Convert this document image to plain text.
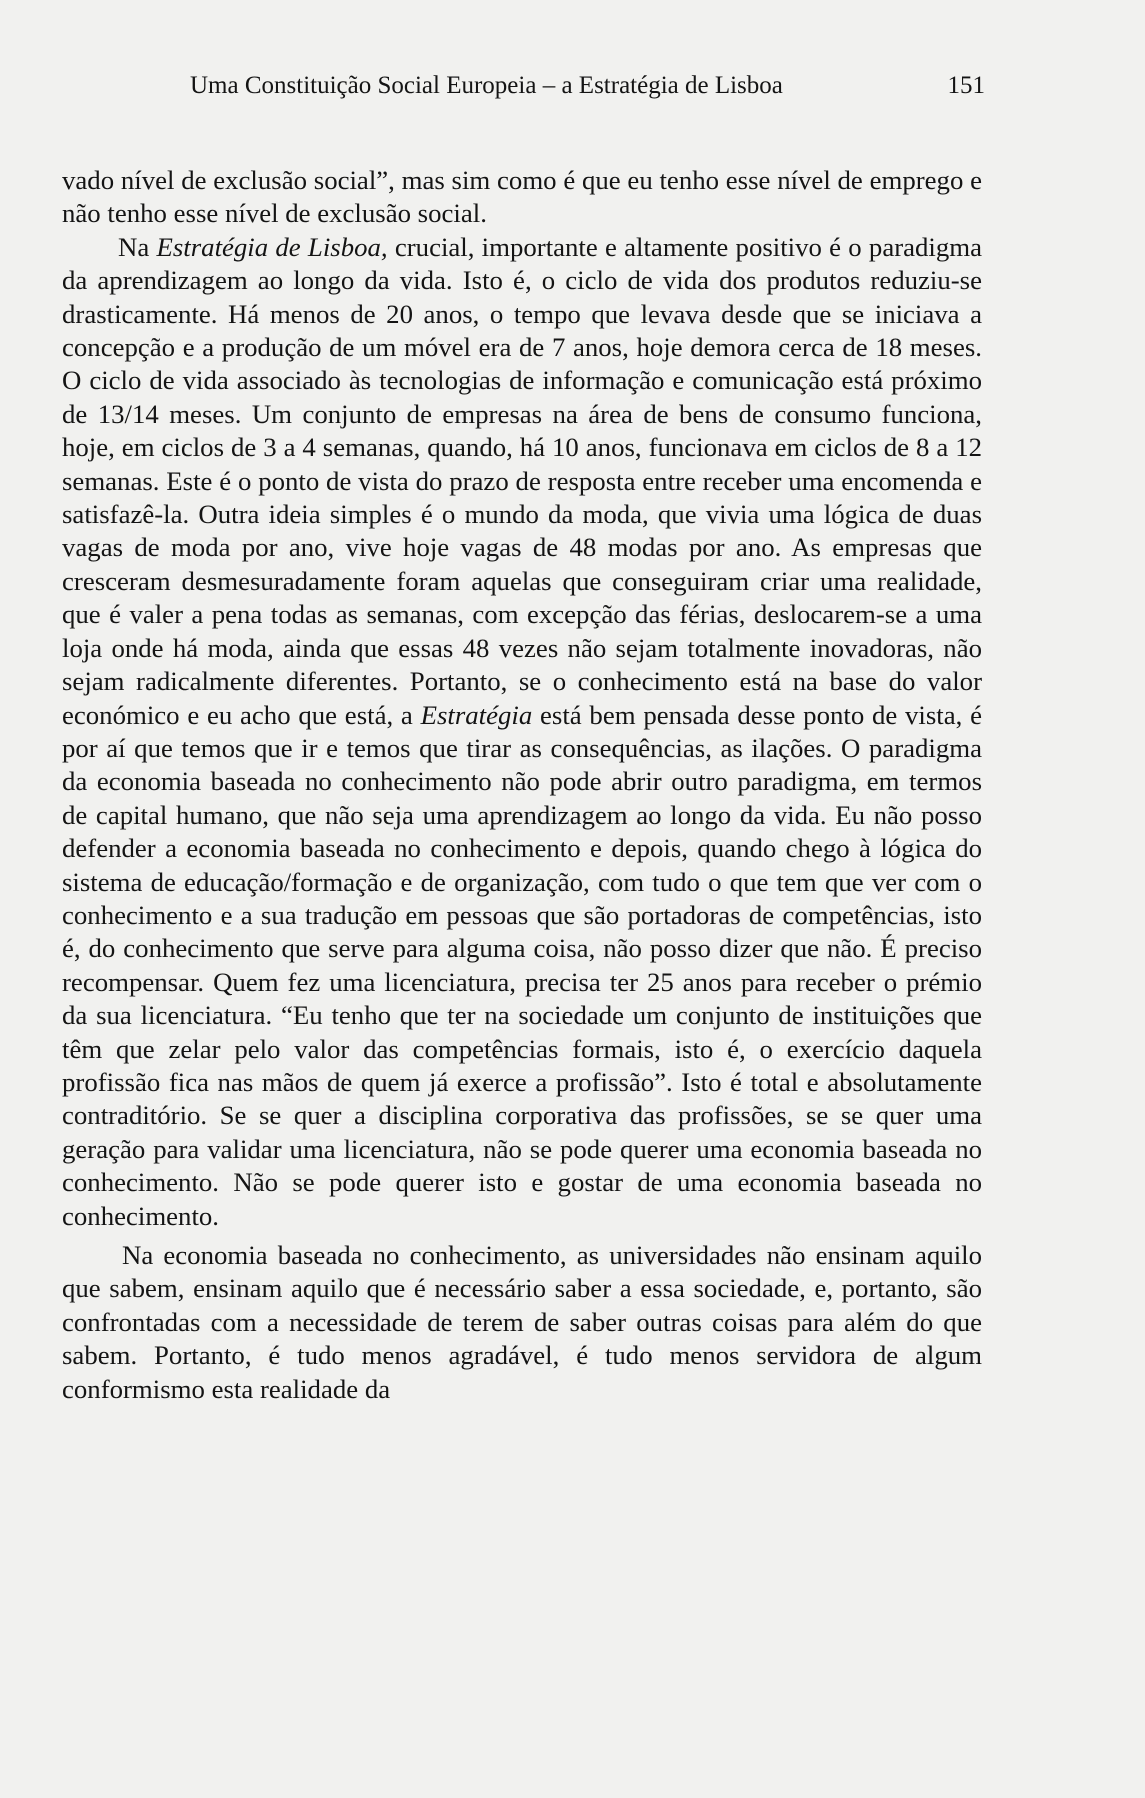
Uma Constituição Social Europeia – a Estratégia de Lisboa	151

vado nível de exclusão social”, mas sim como é que eu tenho esse nível de emprego e não tenho esse nível de exclusão social.

Na Estratégia de Lisboa, crucial, importante e altamente positivo é o paradigma da aprendizagem ao longo da vida. Isto é, o ciclo de vida dos produtos reduziu-se drasticamente. Há menos de 20 anos, o tempo que levava desde que se iniciava a concepção e a produção de um móvel era de 7 anos, hoje demora cerca de 18 meses. O ciclo de vida associado às tecnologias de informação e comunicação está próximo de 13/14 meses. Um conjunto de empresas na área de bens de consumo funciona, hoje, em ciclos de 3 a 4 semanas, quando, há 10 anos, funcionava em ciclos de 8 a 12 semanas. Este é o ponto de vista do prazo de resposta entre receber uma encomenda e satisfazê-la. Outra ideia simples é o mundo da moda, que vivia uma lógica de duas vagas de moda por ano, vive hoje vagas de 48 modas por ano. As empresas que cresceram desmesuradamente foram aquelas que conseguiram criar uma realidade, que é valer a pena todas as semanas, com excepção das férias, deslocarem-se a uma loja onde há moda, ainda que essas 48 vezes não sejam totalmente inovadoras, não sejam radicalmente diferentes. Portanto, se o conhecimento está na base do valor económico e eu acho que está, a Estratégia está bem pensada desse ponto de vista, é por aí que temos que ir e temos que tirar as consequências, as ilações. O paradigma da economia baseada no conhecimento não pode abrir outro paradigma, em termos de capital humano, que não seja uma aprendizagem ao longo da vida. Eu não posso defender a economia baseada no conhecimento e depois, quando chego à lógica do sistema de educação/formação e de organização, com tudo o que tem que ver com o conhecimento e a sua tradução em pessoas que são portadoras de competências, isto é, do conhecimento que serve para alguma coisa, não posso dizer que não. É preciso recompensar. Quem fez uma licenciatura, precisa ter 25 anos para receber o prémio da sua licenciatura. “Eu tenho que ter na sociedade um conjunto de instituições que têm que zelar pelo valor das competências formais, isto é, o exercício daquela profissão fica nas mãos de quem já exerce a profissão”. Isto é total e absolutamente contraditório. Se se quer a disciplina corporativa das profissões, se se quer uma geração para validar uma licenciatura, não se pode querer uma economia baseada no conhecimento. Não se pode querer isto e gostar de uma economia baseada no conhecimento.

Na economia baseada no conhecimento, as universidades não ensinam aquilo que sabem, ensinam aquilo que é necessário saber a essa sociedade, e, portanto, são confrontadas com a necessidade de terem de saber outras coisas para além do que sabem. Portanto, é tudo menos agradável, é tudo menos servidora de algum conformismo esta realidade da
